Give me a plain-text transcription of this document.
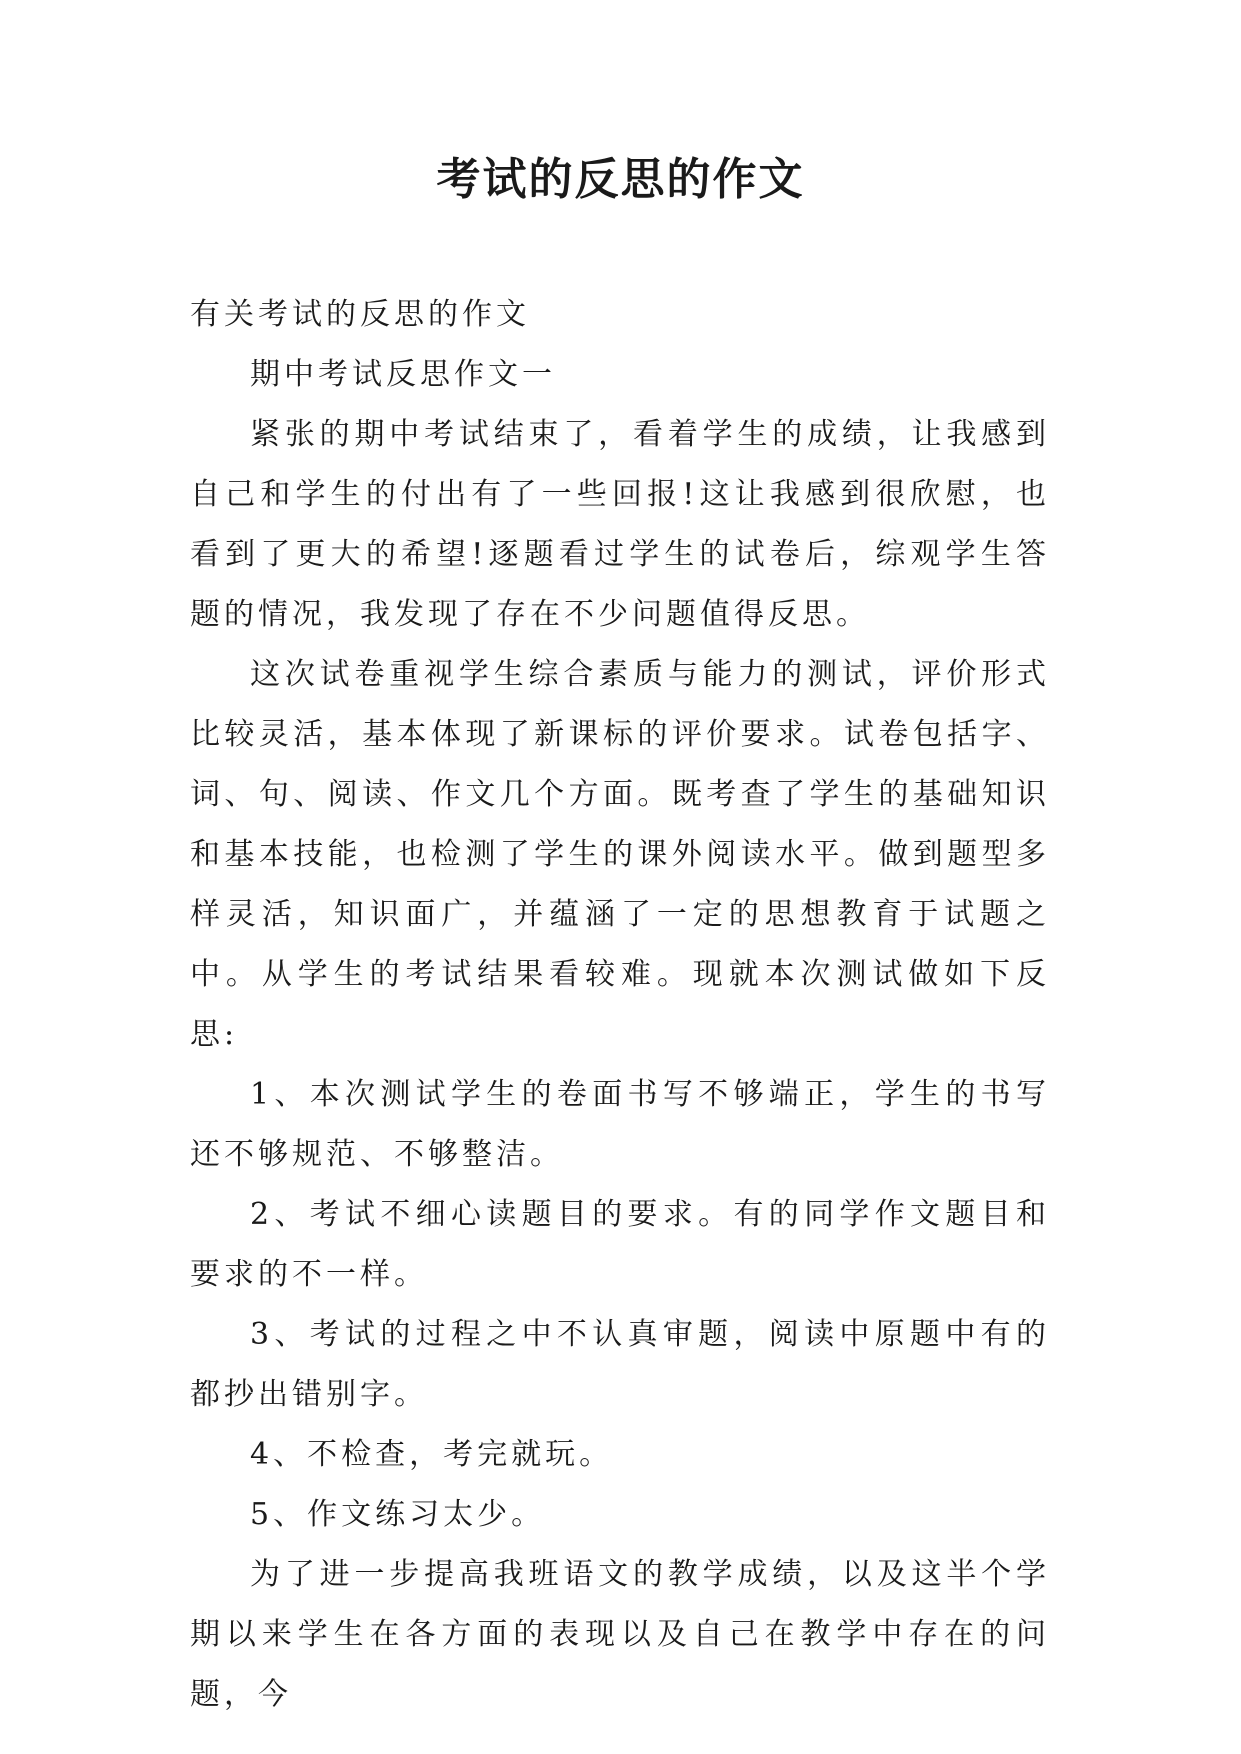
考试的反思的作文

有关考试的反思的作文

期中考试反思作文一

紧张的期中考试结束了，看着学生的成绩，让我感到自己和学生的付出有了一些回报!这让我感到很欣慰，也看到了更大的希望!逐题看过学生的试卷后，综观学生答题的情况，我发现了存在不少问题值得反思。

这次试卷重视学生综合素质与能力的测试，评价形式比较灵活，基本体现了新课标的评价要求。试卷包括字、词、句、阅读、作文几个方面。既考查了学生的基础知识和基本技能，也检测了学生的课外阅读水平。做到题型多样灵活，知识面广，并蕴涵了一定的思想教育于试题之中。从学生的考试结果看较难。现就本次测试做如下反思:

1、本次测试学生的卷面书写不够端正，学生的书写还不够规范、不够整洁。

2、考试不细心读题目的要求。有的同学作文题目和要求的不一样。

3、考试的过程之中不认真审题，阅读中原题中有的都抄出错别字。

4、不检查，考完就玩。

5、作文练习太少。

为了进一步提高我班语文的教学成绩，以及这半个学期以来学生在各方面的表现以及自己在教学中存在的问题，今
